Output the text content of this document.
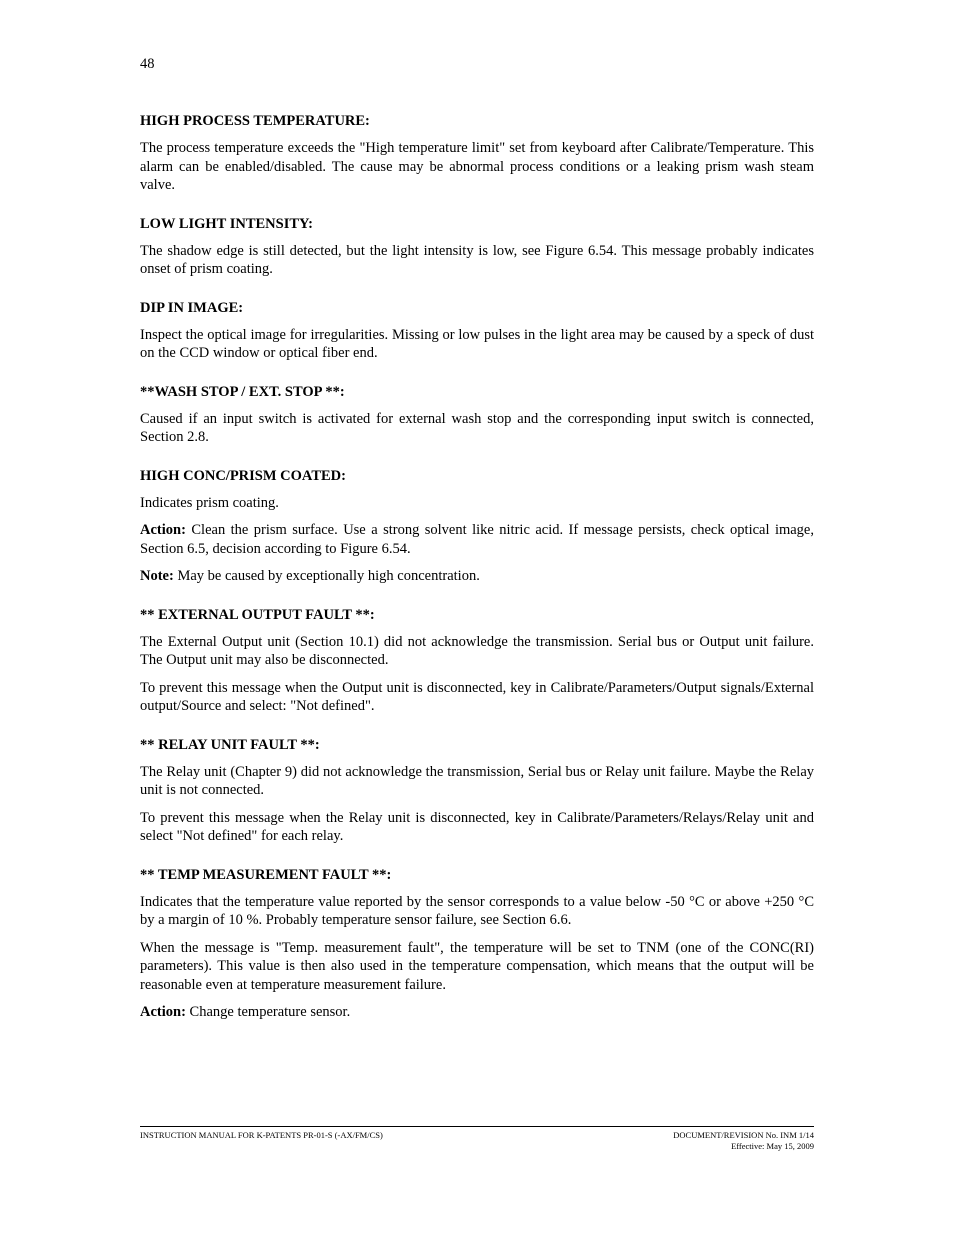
48
HIGH PROCESS TEMPERATURE:

The process temperature exceeds the "High temperature limit" set from keyboard after Calibrate/Temperature. This alarm can be enabled/disabled. The cause may be abnormal process conditions or a leaking prism wash steam valve.

LOW LIGHT INTENSITY:

The shadow edge is still detected, but the light intensity is low, see Figure 6.54. This message probably indicates onset of prism coating.

DIP IN IMAGE:

Inspect the optical image for irregularities. Missing or low pulses in the light area may be caused by a speck of dust on the CCD window or optical fiber end.

**WASH STOP / EXT. STOP **:

Caused if an input switch is activated for external wash stop and the corresponding input switch is connected, Section 2.8.

HIGH CONC/PRISM COATED:

Indicates prism coating.

Action: Clean the prism surface. Use a strong solvent like nitric acid. If message persists, check optical image, Section 6.5, decision according to Figure 6.54.

Note: May be caused by exceptionally high concentration.

** EXTERNAL OUTPUT FAULT **:

The External Output unit (Section 10.1) did not acknowledge the transmission. Serial bus or Output unit failure. The Output unit may also be disconnected.

To prevent this message when the Output unit is disconnected, key in Calibrate/Parameters/Output signals/External output/Source and select: "Not defined".

** RELAY UNIT FAULT **:

The Relay unit (Chapter 9) did not acknowledge the transmission, Serial bus or Relay unit failure. Maybe the Relay unit is not connected.

To prevent this message when the Relay unit is disconnected, key in Calibrate/Parameters/Relays/Relay unit and select "Not defined" for each relay.

** TEMP MEASUREMENT FAULT **:

Indicates that the temperature value reported by the sensor corresponds to a value below -50 °C or above +250 °C by a margin of 10 %. Probably temperature sensor failure, see Section 6.6.

When the message is "Temp. measurement fault", the temperature will be set to TNM (one of the CONC(RI) parameters). This value is then also used in the temperature compensation, which means that the output will be reasonable even at temperature measurement failure.

Action: Change temperature sensor.

INSTRUCTION MANUAL FOR K-PATENTS PR-01-S (-AX/FM/CS)	DOCUMENT/REVISION No. INM 1/14
Effective: May 15, 2009
